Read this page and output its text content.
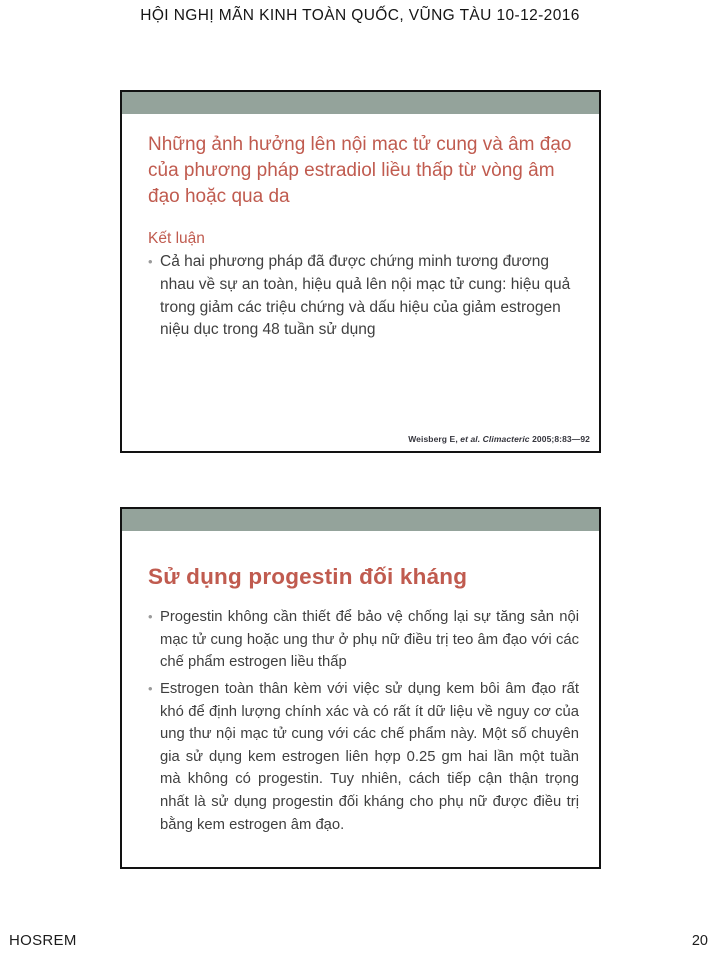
HỘI NGHỊ MÃN KINH TOÀN QUỐC, VŨNG TÀU 10-12-2016
Những ảnh hưởng lên nội mạc tử cung và âm đạo của phương pháp estradiol liều thấp từ vòng âm đạo hoặc qua da
Kết luận
• Cả hai phương pháp đã được chứng minh tương đương nhau về sự an toàn, hiệu quả lên nội mạc tử cung: hiệu quả trong giảm các triệu chứng và dấu hiệu của giảm estrogen niệu dục trong 48 tuần sử dụng
Weisberg E, et al. Climacteric 2005;8:83—92
Sử dụng progestin đối kháng
• Progestin không cần thiết để bảo vệ chống lại sự tăng sản nội mạc tử cung hoặc ung thư ở phụ nữ điều trị teo âm đạo với các chế phẩm estrogen liều thấp
• Estrogen toàn thân kèm với việc sử dụng kem bôi âm đạo rất khó để định lượng chính xác và có rất ít dữ liệu về nguy cơ của ung thư nội mạc tử cung với các chế phẩm này. Một số chuyên gia sử dụng kem estrogen liên hợp 0.25 gm hai lần một tuần mà không có progestin. Tuy nhiên, cách tiếp cận thận trọng nhất là sử dụng progestin đối kháng cho phụ nữ được điều trị bằng kem estrogen âm đạo.
HOSREM	20
